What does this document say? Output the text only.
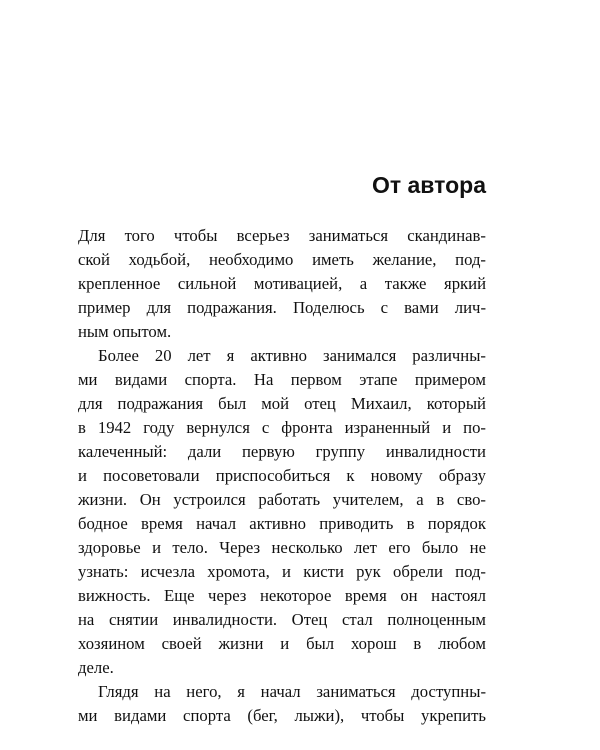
От автора
Для того чтобы всерьез заниматься скандинав-
ской ходьбой, необходимо иметь желание, под-
крепленное сильной мотивацией, а также яркий
пример для подражания. Поделюсь с вами лич-
ным опытом.
Более 20 лет я активно занимался различны-
ми видами спорта. На первом этапе примером
для подражания был мой отец Михаил, который
в 1942 году вернулся с фронта израненный и по-
калеченный: дали первую группу инвалидности
и посоветовали приспособиться к новому образу
жизни. Он устроился работать учителем, а в сво-
бодное время начал активно приводить в порядок
здоровье и тело. Через несколько лет его было не
узнать: исчезла хромота, и кисти рук обрели под-
вижность. Еще через некоторое время он настоял
на снятии инвалидности. Отец стал полноценным
хозяином своей жизни и был хорош в любом
деле.
Глядя на него, я начал заниматься доступны-
ми видами спорта (бег, лыжи), чтобы укрепить
